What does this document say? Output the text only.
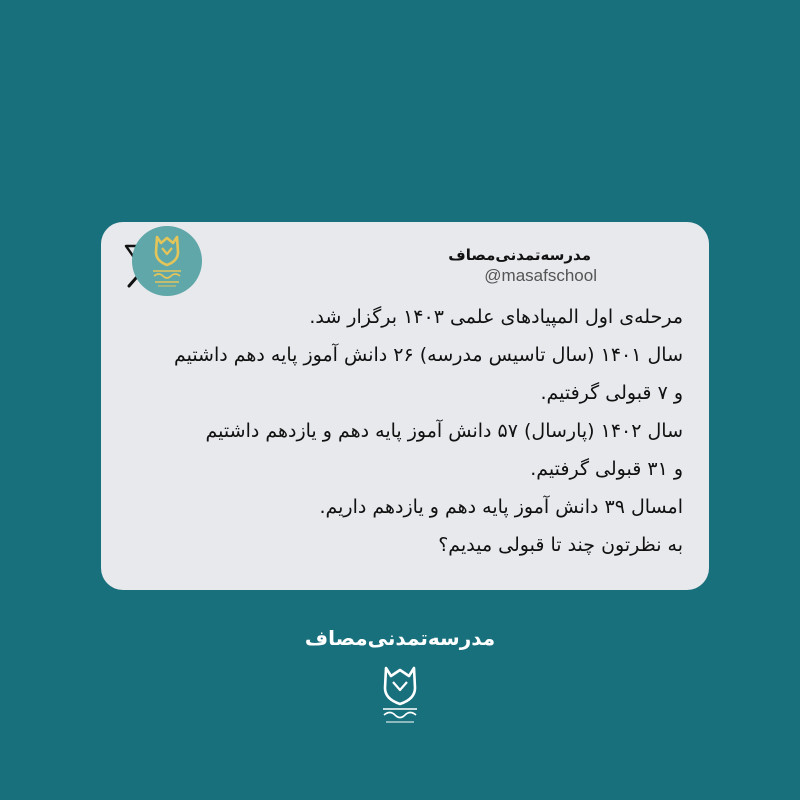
مدرسه‌تمدنی‌مصاف
@masafschool
مرحله‌ی اول المپیادهای علمی ۱۴۰۳ برگزار شد.
سال ۱۴۰۱ (سال تاسیس مدرسه) ۲۶ دانش آموز پایه دهم داشتیم
و ۷ قبولی گرفتیم.
سال ۱۴۰۲ (پارسال) ۵۷ دانش آموز پایه دهم و یازدهم داشتیم
و ۳۱ قبولی گرفتیم.
امسال ۳۹ دانش آموز پایه دهم و یازدهم داریم.
به نظرتون چند تا قبولی میدیم؟
مدرسه‌تمدنی‌مصاف
